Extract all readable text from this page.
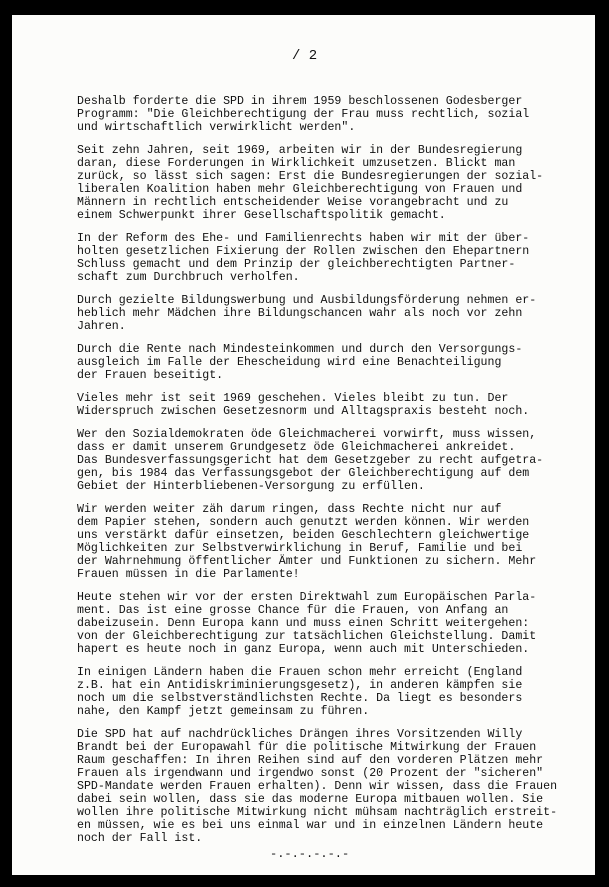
/ 2
Deshalb forderte die SPD in ihrem 1959 beschlossenen Godesberger
Programm: "Die Gleichberechtigung der Frau muss rechtlich, sozial
und wirtschaftlich verwirklicht werden".
Seit zehn Jahren, seit 1969, arbeiten wir in der Bundesregierung
daran, diese Forderungen in Wirklichkeit umzusetzen. Blickt man
zurück, so lässt sich sagen: Erst die Bundesregierungen der sozial-
liberalen Koalition haben mehr Gleichberechtigung von Frauen und
Männern in rechtlich entscheidender Weise vorangebracht und zu
einem Schwerpunkt ihrer Gesellschaftspolitik gemacht.
In der Reform des Ehe- und Familienrechts haben wir mit der über-
holten gesetzlichen Fixierung der Rollen zwischen den Ehepartnern
Schluss gemacht und dem Prinzip der gleichberechtigten Partner-
schaft zum Durchbruch verholfen.
Durch gezielte Bildungswerbung und Ausbildungsförderung nehmen er-
heblich mehr Mädchen ihre Bildungschancen wahr als noch vor zehn
Jahren.
Durch die Rente nach Mindesteinkommen und durch den Versorgungs-
ausgleich im Falle der Ehescheidung wird eine Benachteiligung
der Frauen beseitigt.
Vieles mehr ist seit 1969 geschehen. Vieles bleibt zu tun. Der
Widerspruch zwischen Gesetzesnorm und Alltagspraxis besteht noch.
Wer den Sozialdemokraten öde Gleichmacherei vorwirft, muss wissen,
dass er damit unserem Grundgesetz öde Gleichmacherei ankreidet.
Das Bundesverfassungsgericht hat dem Gesetzgeber zu recht aufgetra-
gen, bis 1984 das Verfassungsgebot der Gleichberechtigung auf dem
Gebiet der Hinterbliebenen-Versorgung zu erfüllen.
Wir werden weiter zäh darum ringen, dass Rechte nicht nur auf
dem Papier stehen, sondern auch genutzt werden können. Wir werden
uns verstärkt dafür einsetzen, beiden Geschlechtern gleichwertige
Möglichkeiten zur Selbstverwirklichung in Beruf, Familie und bei
der Wahrnehmung öffentlicher Ämter und Funktionen zu sichern. Mehr
Frauen müssen in die Parlamente!
Heute stehen wir vor der ersten Direktwahl zum Europäischen Parla-
ment. Das ist eine grosse Chance für die Frauen, von Anfang an
dabeizusein. Denn Europa kann und muss einen Schritt weitergehen:
von der Gleichberechtigung zur tatsächlichen Gleichstellung. Damit
hapert es heute noch in ganz Europa, wenn auch mit Unterschieden.
In einigen Ländern haben die Frauen schon mehr erreicht (England
z.B. hat ein Antidiskriminierungsgesetz), in anderen kämpfen sie
noch um die selbstverständlichsten Rechte. Da liegt es besonders
nahe, den Kampf jetzt gemeinsam zu führen.
Die SPD hat auf nachdrückliches Drängen ihres Vorsitzenden Willy
Brandt bei der Europawahl für die politische Mitwirkung der Frauen
Raum geschaffen: In ihren Reihen sind auf den vorderen Plätzen mehr
Frauen als irgendwann und irgendwo sonst (20 Prozent der "sicheren"
SPD-Mandate werden Frauen erhalten). Denn wir wissen, dass die Frauen
dabei sein wollen, dass sie das moderne Europa mitbauen wollen. Sie
wollen ihre politische Mitwirkung nicht mühsam nachträglich erstreit-
en müssen, wie es bei uns einmal war und in einzelnen Ländern heute
noch der Fall ist.
-.-.-.-.-.-
